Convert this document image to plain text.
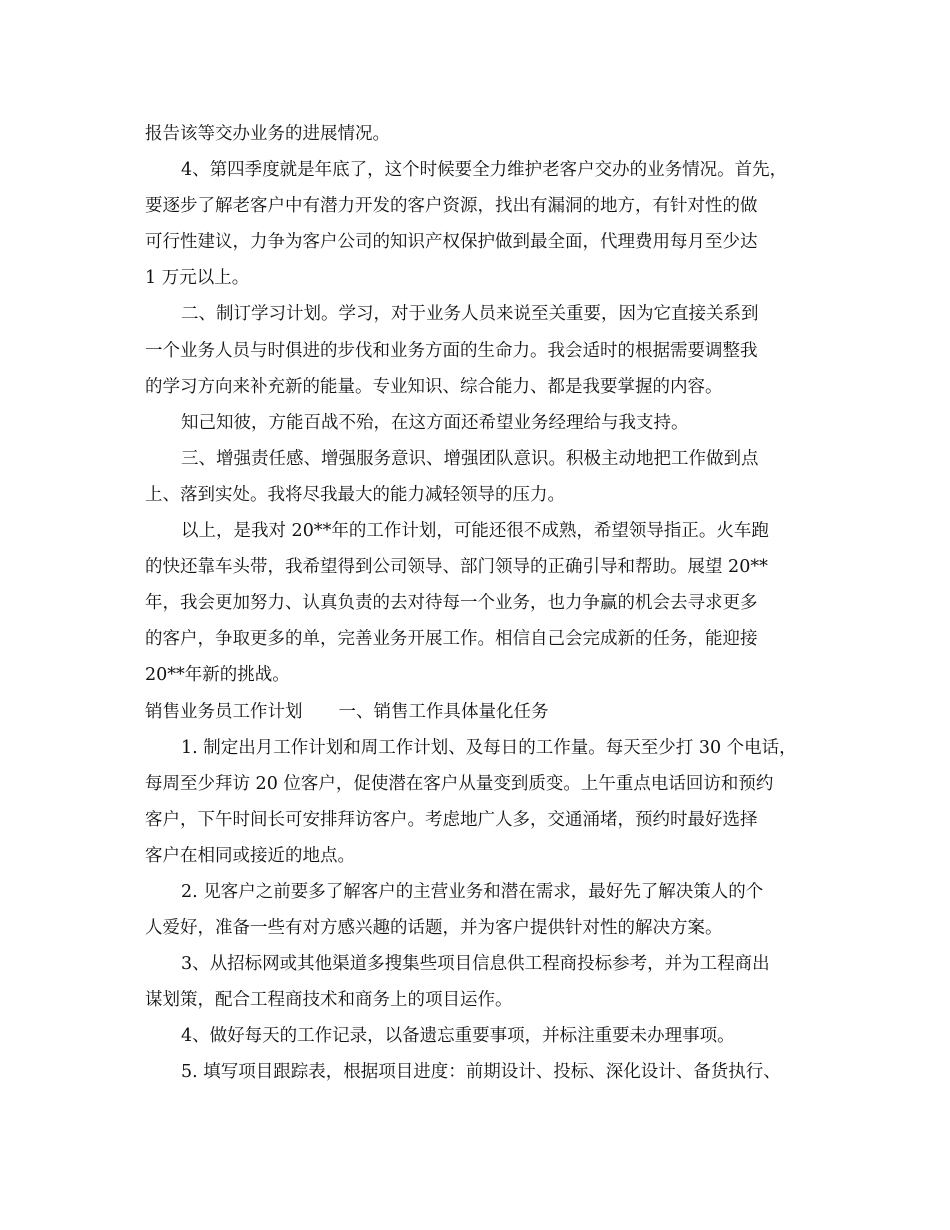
报告该等交办业务的进展情况。
4、第四季度就是年底了，这个时候要全力维护老客户交办的业务情况。首先，
要逐步了解老客户中有潜力开发的客户资源，找出有漏洞的地方，有针对性的做
可行性建议，力争为客户公司的知识产权保护做到最全面，代理费用每月至少达
1 万元以上。
二、制订学习计划。学习，对于业务人员来说至关重要，因为它直接关系到
一个业务人员与时俱进的步伐和业务方面的生命力。我会适时的根据需要调整我
的学习方向来补充新的能量。专业知识、综合能力、都是我要掌握的内容。
知己知彼，方能百战不殆，在这方面还希望业务经理给与我支持。
三、增强责任感、增强服务意识、增强团队意识。积极主动地把工作做到点
上、落到实处。我将尽我最大的能力减轻领导的压力。
以上，是我对 20**年的工作计划，可能还很不成熟，希望领导指正。火车跑
的快还靠车头带，我希望得到公司领导、部门领导的正确引导和帮助。展望 20**
年，我会更加努力、认真负责的去对待每一个业务，也力争赢的机会去寻求更多
的客户，争取更多的单，完善业务开展工作。相信自己会完成新的任务，能迎接
20**年新的挑战。
销售业务员工作计划 一、销售工作具体量化任务
1. 制定出月工作计划和周工作计划、及每日的工作量。每天至少打 30 个电话，
每周至少拜访 20 位客户，促使潜在客户从量变到质变。上午重点电话回访和预约
客户，下午时间长可安排拜访客户。考虑地广人多，交通涌堵，预约时最好选择
客户在相同或接近的地点。
2. 见客户之前要多了解客户的主营业务和潜在需求，最好先了解决策人的个
人爱好，准备一些有对方感兴趣的话题，并为客户提供针对性的解决方案。
3、从招标网或其他渠道多搜集些项目信息供工程商投标参考，并为工程商出
谋划策，配合工程商技术和商务上的项目运作。
4、做好每天的工作记录，以备遗忘重要事项，并标注重要未办理事项。
5. 填写项目跟踪表，根据项目进度：前期设计、投标、深化设计、备货执行、
